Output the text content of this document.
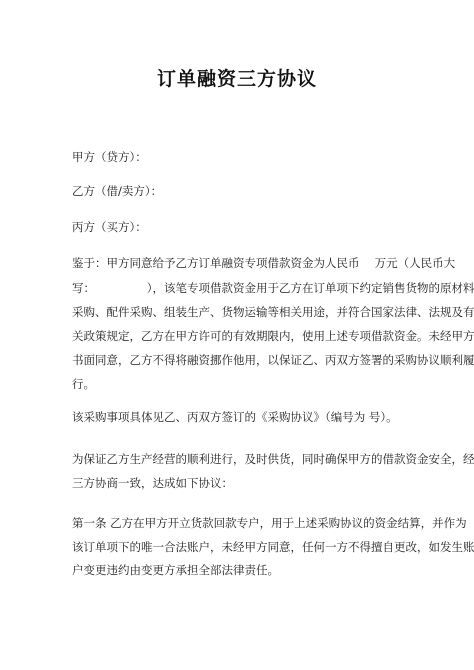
订单融资三方协议
甲方（贷方）：
乙方（借/卖方）：
丙方（买方）：
鉴于：甲方同意给予乙方订单融资专项借款资金为人民币　 万元（人民币大
写：　　　　　），该笔专项借款资金用于乙方在订单项下约定销售货物的原材料
采购、配件采购、组装生产、货物运输等相关用途，并符合国家法律、法规及有
关政策规定，乙方在甲方许可的有效期限内，使用上述专项借款资金。未经甲方
书面同意，乙方不得将融资挪作他用，以保证乙、丙双方签署的采购协议顺利履
行。
该采购事项具体见乙、丙双方签订的《采购协议》（编号为 号）。
为保证乙方生产经营的顺利进行，及时供货，同时确保甲方的借款资金安全，经
三方协商一致，达成如下协议：
第一条 乙方在甲方开立货款回款专户，用于上述采购协议的资金结算，并作为
该订单项下的唯一合法账户，未经甲方同意，任何一方不得擅自更改，如发生账
户变更违约由变更方承担全部法律责任。
